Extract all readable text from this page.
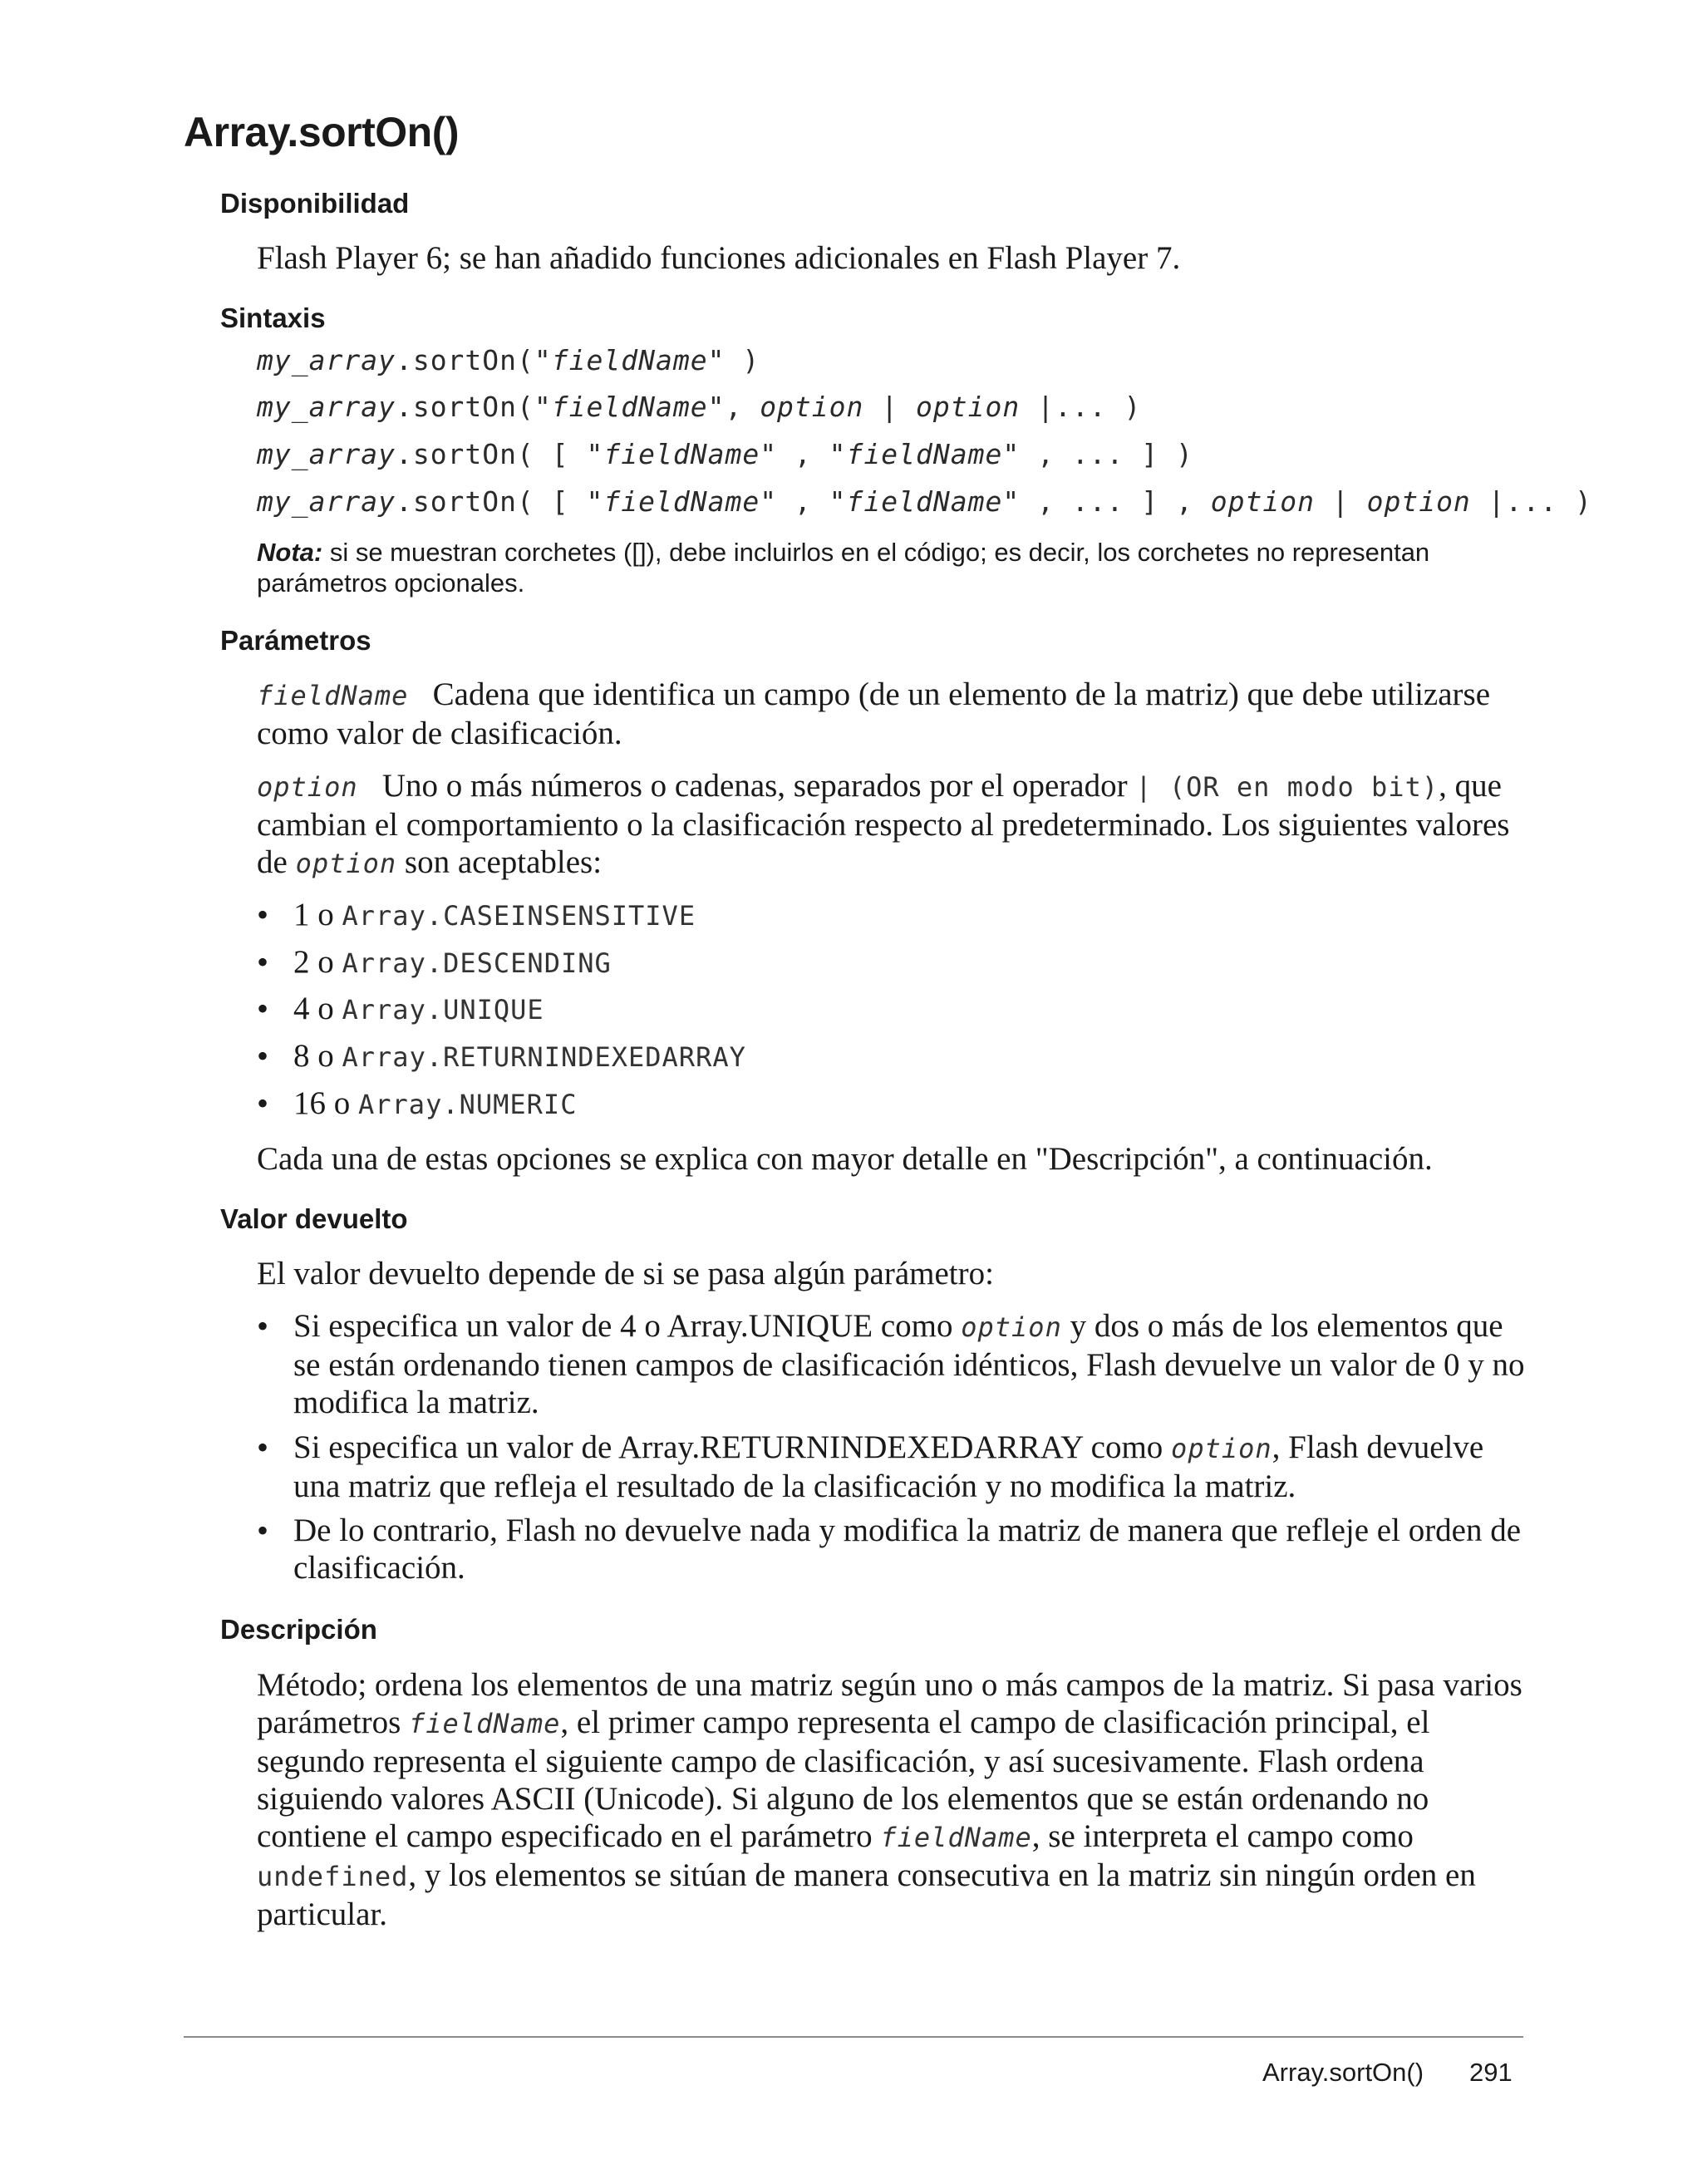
Array.sortOn()
Disponibilidad

Flash Player 6; se han añadido funciones adicionales en Flash Player 7.

Sintaxis
my_array.sortOn("fieldName" )
my_array.sortOn("fieldName", option | option |... )
my_array.sortOn( [ "fieldName" , "fieldName" , ... ] )
my_array.sortOn( [ "fieldName" , "fieldName" , ... ] , option | option |... )

Nota: si se muestran corchetes ([]), debe incluirlos en el código; es decir, los corchetes no representan parámetros opcionales.

Parámetros

fieldName Cadena que identifica un campo (de un elemento de la matriz) que debe utilizarse como valor de clasificación.

option Uno o más números o cadenas, separados por el operador | (OR en modo bit), que cambian el comportamiento o la clasificación respecto al predeterminado. Los siguientes valores de option son aceptables:

• 1 o Array.CASEINSENSITIVE
• 2 o Array.DESCENDING
• 4 o Array.UNIQUE
• 8 o Array.RETURNINDEXEDARRAY
• 16 o Array.NUMERIC

Cada una de estas opciones se explica con mayor detalle en "Descripción", a continuación.

Valor devuelto

El valor devuelto depende de si se pasa algún parámetro:

• Si especifica un valor de 4 o Array.UNIQUE como option y dos o más de los elementos que se están ordenando tienen campos de clasificación idénticos, Flash devuelve un valor de 0 y no modifica la matriz.
• Si especifica un valor de Array.RETURNINDEXEDARRAY como option, Flash devuelve una matriz que refleja el resultado de la clasificación y no modifica la matriz.
• De lo contrario, Flash no devuelve nada y modifica la matriz de manera que refleje el orden de clasificación.
Descripción

Método; ordena los elementos de una matriz según uno o más campos de la matriz. Si pasa varios parámetros fieldName, el primer campo representa el campo de clasificación principal, el segundo representa el siguiente campo de clasificación, y así sucesivamente. Flash ordena siguiendo valores ASCII (Unicode). Si alguno de los elementos que se están ordenando no contiene el campo especificado en el parámetro fieldName, se interpreta el campo como undefined, y los elementos se sitúan de manera consecutiva en la matriz sin ningún orden en particular.

Array.sortOn() 291
